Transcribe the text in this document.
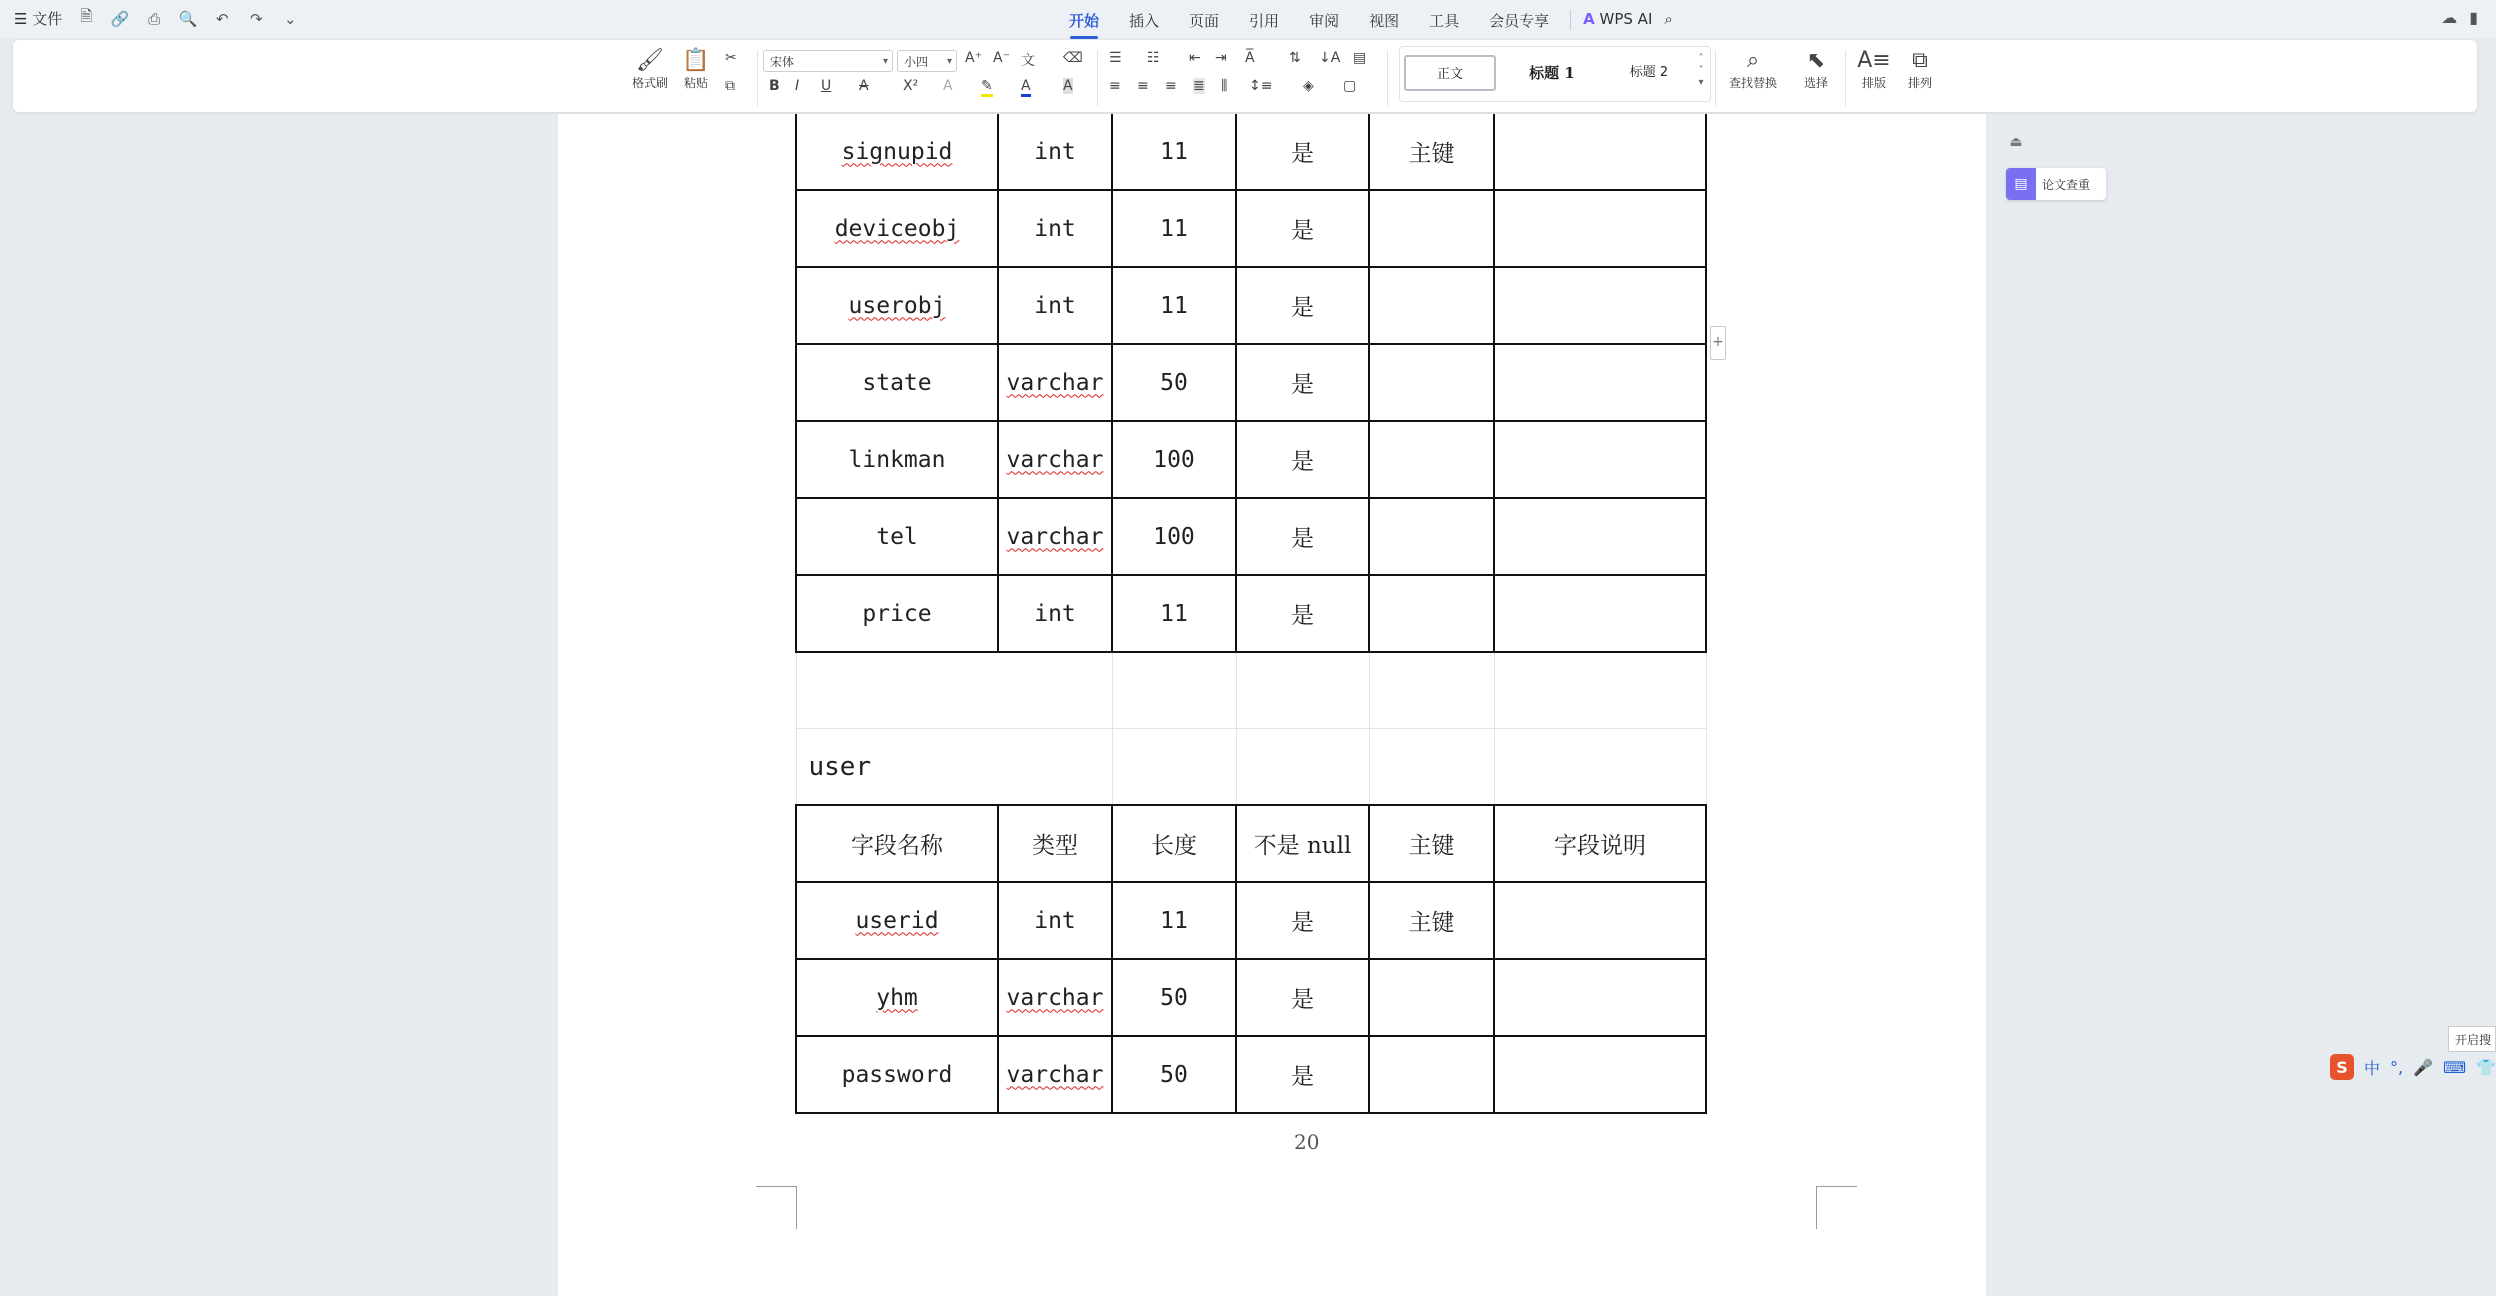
☰ 文件 🗎 🔗 ⎙ 🔍 ↶ ↷ ⌄	开始	插入	页面	引用	审阅	视图	工具	会员专享	A WPS AI ⌕	☁ ▮
🖌
格式刷
📋
粘贴
✂
⧉
宋体	▾	小四 ▾ A⁺ A⁻ 文 ⌫
B I U A X² A ✎ A A
☰ ☷ ⇤ ⇥ A̅ ⇅ ↓A ▤
≡ ≡ ≡ ≣ ⫼ ↕≡ ◈ ▢
正文	标题 1	标题 2
˄
˅
▾
⌕
查找替换
⬉
选择
A≡
排版
⧉
排列
signupid	int	11	是	主键	
deviceobj	int	11	是		
userobj	int	11	是		
state	varchar	50	是		
linkman	varchar	100	是		
tel	varchar	100	是		
price	int	11	是		

user					
字段名称	类型	长度	不是 null	主键	字段说明
userid	int	11	是	主键	
yhm	varchar	50	是		
password	varchar	50	是		
20
+
⏏
▤	论文查重
开启搜
S	中 °, 🎤 ⌨ 👕
